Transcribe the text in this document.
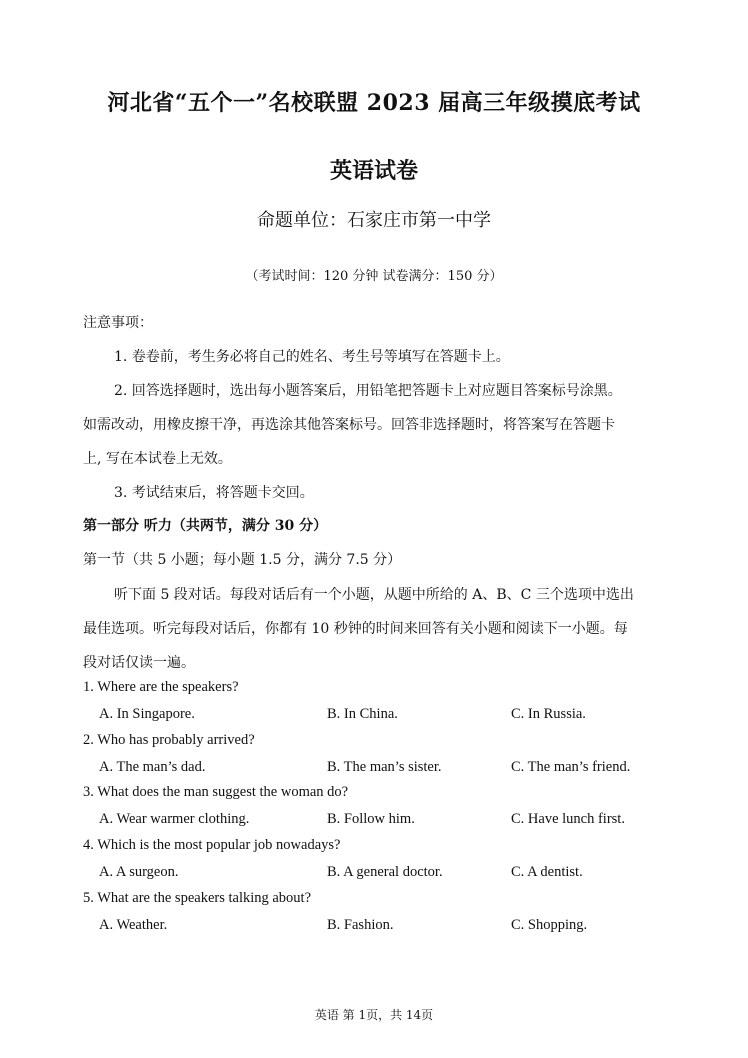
河北省“五个一”名校联盟 2023 届高三年级摸底考试
英语试卷
命题单位：石家庄市第一中学
（考试时间：120 分钟 试卷满分：150 分）
注意事项：
1. 卷卷前，考生务必将自己的姓名、考生号等填写在答题卡上。
2. 回答选择题时，选出每小题答案后，用铅笔把答题卡上对应题目答案标号涂黑。
如需改动，用橡皮擦干净，再选涂其他答案标号。回答非选择题时，将答案写在答题卡
上, 写在本试卷上无效。
3. 考试结束后，将答题卡交回。
第一部分 听力（共两节，满分 30 分）
第一节（共 5 小题；每小题 1.5 分，满分 7.5 分）
听下面 5 段对话。每段对话后有一个小题，从题中所给的 A、B、C 三个选项中选出
最佳选项。听完每段对话后，你都有 10 秒钟的时间来回答有关小题和阅读下一小题。每
段对话仅读一遍。
1. Where are the speakers?
A. In Singapore.	B. In China.	C. In Russia.
2. Who has probably arrived?
A. The man’s dad.	B. The man’s sister.	C. The man’s friend.
3. What does the man suggest the woman do?
A. Wear warmer clothing.	B. Follow him.	C. Have lunch first.
4. Which is the most popular job nowadays?
A. A surgeon.	B. A general doctor.	C. A dentist.
5. What are the speakers talking about?
A. Weather.	B. Fashion.	C. Shopping.
英语 第 1页，共 14页
